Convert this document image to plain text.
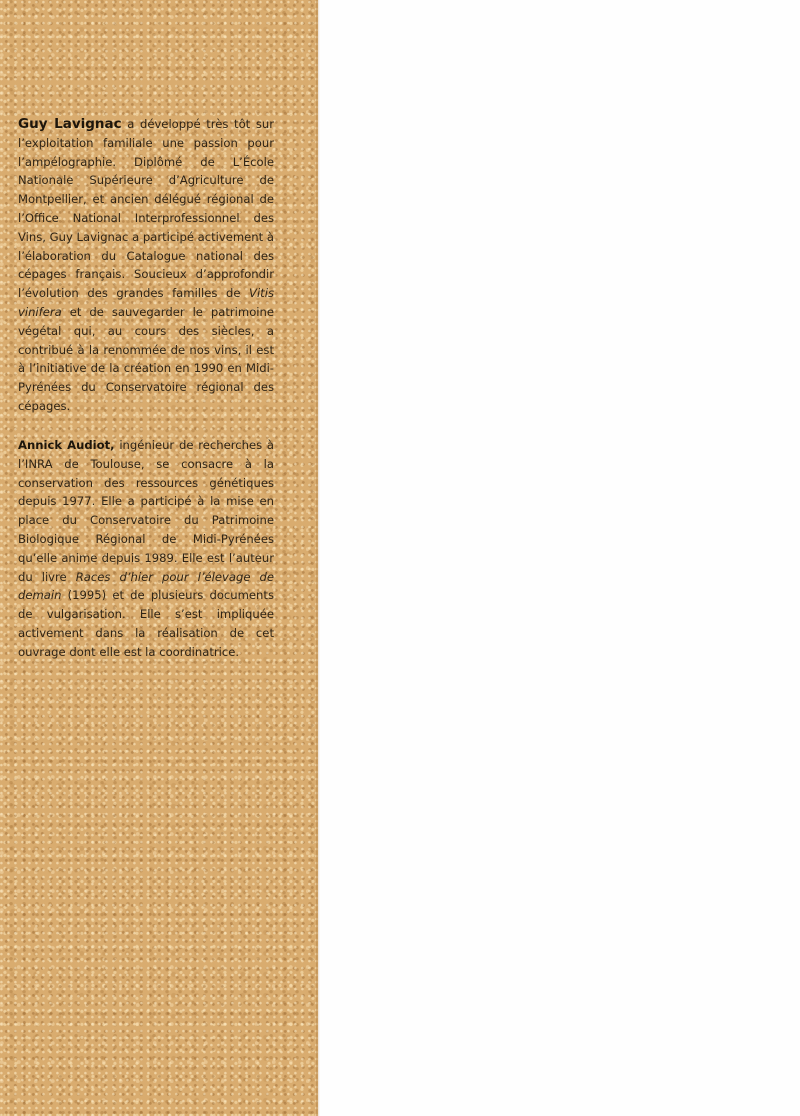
Guy Lavignac a développé très tôt sur l’exploitation familiale une passion pour l’ampélographie. Diplômé de L’École Nationale Supérieure d’Agriculture de Montpellier, et ancien délégué régional de l’Office National Interprofessionnel des Vins, Guy Lavignac a participé activement à l’élaboration du Catalogue national des cépages français. Soucieux d’approfondir l’évolution des grandes familles de Vitis vinifera et de sauvegarder le patrimoine végétal qui, au cours des siècles, a contribué à la renommée de nos vins, il est à l’initiative de la création en 1990 en Midi-Pyrénées du Conservatoire régional des cépages.

Annick Audiot, ingénieur de recherches à l’INRA de Toulouse, se consacre à la conservation des ressources génétiques depuis 1977. Elle a participé à la mise en place du Conservatoire du Patrimoine Biologique Régional de Midi-Pyrénées qu’elle anime depuis 1989. Elle est l’auteur du livre Races d’hier pour l’élevage de demain (1995) et de plusieurs documents de vulgarisation. Elle s’est impliquée activement dans la réalisation de cet ouvrage dont elle est la coordinatrice.
